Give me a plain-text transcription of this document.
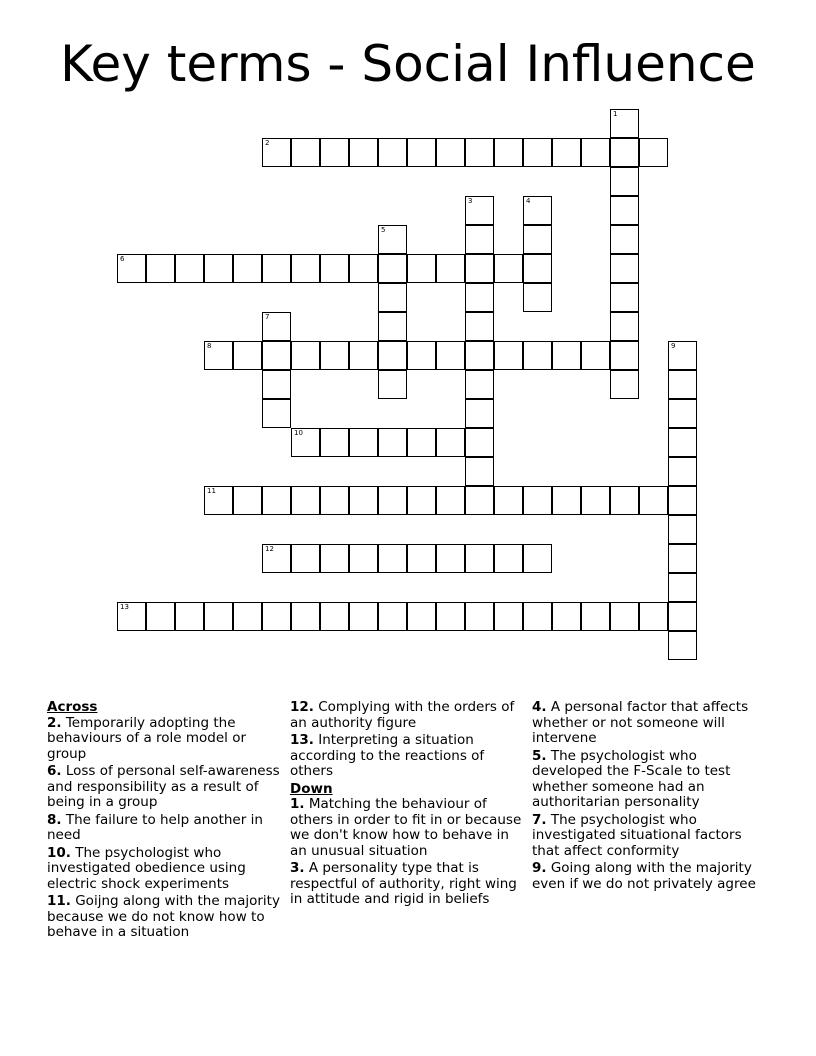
Key terms - Social Influence
1
2
3	4
5
6
7
8	9
10
11
12
13
Across
2. Temporarily adopting the behaviours of a role model or group
6. Loss of personal self-awareness and responsibility as a result of being in a group
8. The failure to help another in need
10. The psychologist who investigated obedience using electric shock experiments
11. Goijng along with the majority because we do not know how to behave in a situation
12. Complying with the orders of an authority figure
13. Interpreting a situation according to the reactions of others
Down
1. Matching the behaviour of others in order to fit in or because we don't know how to behave in an unusual situation
3. A personality type that is respectful of authority, right wing in attitude and rigid in beliefs
4. A personal factor that affects whether or not someone will intervene
5. The psychologist who developed the F-Scale to test whether someone had an authoritarian personality
7. The psychologist who investigated situational factors that affect conformity
9. Going along with the majority even if we do not privately agree
